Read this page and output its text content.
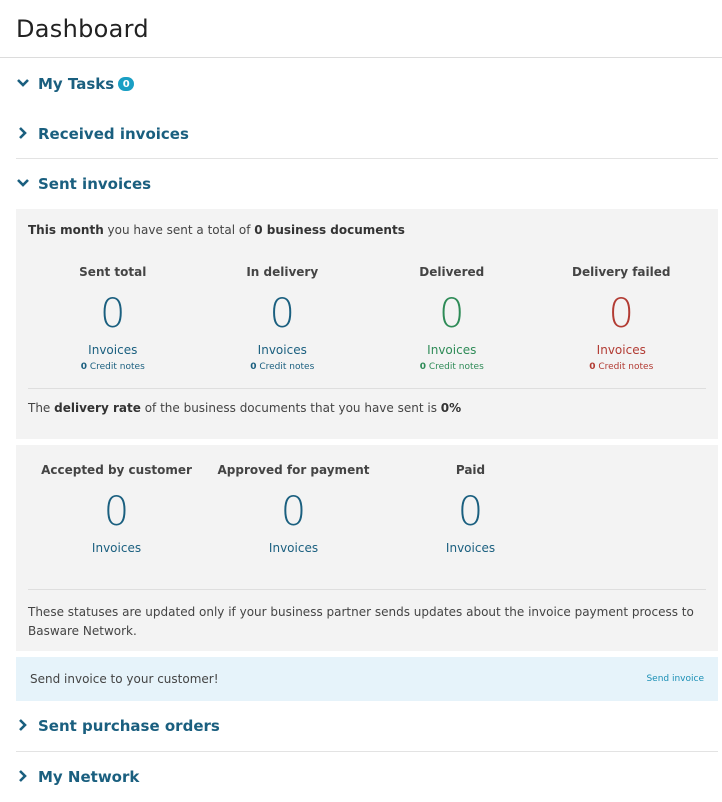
Dashboard
My Tasks 0
Received invoices
Sent invoices
This month you have sent a total of 0 business documents
Sent total
0
Invoices
0 Credit notes
In delivery
0
Invoices
0 Credit notes
Delivered
0
Invoices
0 Credit notes
Delivery failed
0
Invoices
0 Credit notes
The delivery rate of the business documents that you have sent is 0%
Accepted by customer
0
Invoices
Approved for payment
0
Invoices
Paid
0
Invoices
These statuses are updated only if your business partner sends updates about the invoice payment process to Basware Network.
Send invoice to your customer!	Send invoice
Sent purchase orders
My Network
